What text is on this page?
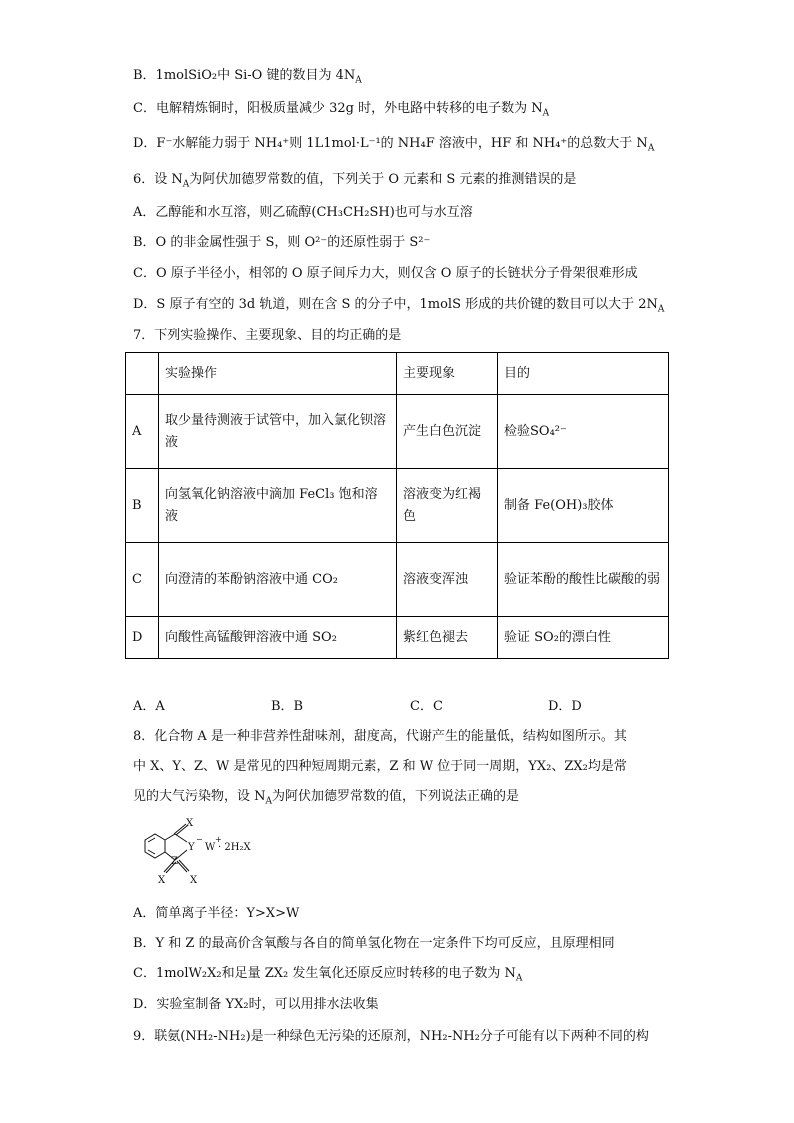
B．1molSiO₂中 Si-O 键的数目为 $4N_A$
C．电解精炼铜时，阳极质量减少 32g 时，外电路中转移的电子数为 $N_A$
D．F⁻水解能力弱于 NH₄⁺则 1L1mol·L⁻¹的 NH₄F 溶液中，HF 和 NH₄⁺的总数大于 $N_A$
6．设 $N_A$为阿伏加德罗常数的值，下列关于 O 元素和 S 元素的推测错误的是
A．乙醇能和水互溶，则乙硫醇(CH₃CH₂SH)也可与水互溶
B．O 的非金属性强于 S，则 O²⁻的还原性弱于 S²⁻
C．O 原子半径小，相邻的 O 原子间斥力大，则仅含 O 原子的长链状分子骨架很难形成
D．S 原子有空的 3d 轨道，则在含 S 的分子中，1molS 形成的共价键的数目可以大于 $2N_A$
7．下列实验操作、主要现象、目的均正确的是
	实验操作	主要现象	目的
A	取少量待测液于试管中，加入氯化钡溶液	产生白色沉淀	检验SO₄²⁻
B	向氢氧化钠溶液中滴加 FeCl₃ 饱和溶液	溶液变为红褐色	制备 Fe(OH)₃胶体
C	向澄清的苯酚钠溶液中通 CO₂	溶液变浑浊	验证苯酚的酸性比碳酸的弱
D	向酸性高锰酸钾溶液中通 SO₂	紫红色褪去	验证 SO₂的漂白性
A．A	B．B	C．C	D．D
8．化合物 A 是一种非营养性甜味剂，甜度高，代谢产生的能量低，结构如图所示。其
中 X、Y、Z、W 是常见的四种短周期元素，Z 和 W 位于同一周期，YX₂、ZX₂均是常
见的大气污染物，设 $N_A$为阿伏加德罗常数的值，下列说法正确的是
X
Y W
Z
X X
· 2H₂X
− +
A．简单离子半径：Y>X>W
B．Y 和 Z 的最高价含氧酸与各自的简单氢化物在一定条件下均可反应，且原理相同
C．1molW₂X₂和足量 ZX₂ 发生氧化还原反应时转移的电子数为 $N_A$
D．实验室制备 YX₂时，可以用排水法收集
9．联氨(NH₂-NH₂)是一种绿色无污染的还原剂，NH₂-NH₂分子可能有以下两种不同的构
